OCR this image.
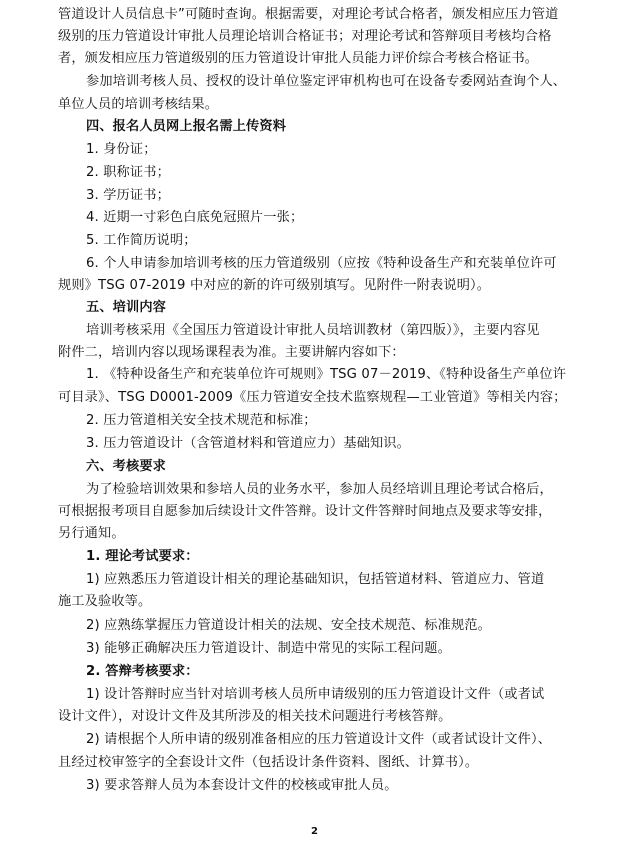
2
管道设计人员信息卡”可随时查询。根据需要，对理论考试合格者，颁发相应压力管道
级别的压力管道设计审批人员理论培训合格证书；对理论考试和答辩项目考核均合格
者，颁发相应压力管道级别的压力管道设计审批人员能力评价综合考核合格证书。
参加培训考核人员、授权的设计单位鉴定评审机构也可在设备专委网站查询个人、
单位人员的培训考核结果。
四、报名人员网上报名需上传资料
1. 身份证；
2. 职称证书；
3. 学历证书；
4. 近期一寸彩色白底免冠照片一张；
5. 工作简历说明；
6. 个人申请参加培训考核的压力管道级别（应按《特种设备生产和充装单位许可
规则》TSG 07-2019 中对应的新的许可级别填写。见附件一附表说明）。
五、培训内容
培训考核采用《全国压力管道设计审批人员培训教材（第四版）》，主要内容见
附件二，培训内容以现场课程表为准。主要讲解内容如下：
1. 《特种设备生产和充装单位许可规则》TSG 07－2019、《特种设备生产单位许
可目录》、TSG D0001-2009《压力管道安全技术监察规程—工业管道》等相关内容；
2. 压力管道相关安全技术规范和标准；
3. 压力管道设计（含管道材料和管道应力）基础知识。
六、考核要求
为了检验培训效果和参培人员的业务水平，参加人员经培训且理论考试合格后，
可根据报考项目自愿参加后续设计文件答辩。设计文件答辩时间地点及要求等安排，
另行通知。
1. 理论考试要求：
1) 应熟悉压力管道设计相关的理论基础知识，包括管道材料、管道应力、管道
施工及验收等。
2) 应熟练掌握压力管道设计相关的法规、安全技术规范、标准规范。
3) 能够正确解决压力管道设计、制造中常见的实际工程问题。
2. 答辩考核要求：
1) 设计答辩时应当针对培训考核人员所申请级别的压力管道设计文件（或者试
设计文件），对设计文件及其所涉及的相关技术问题进行考核答辩。
2) 请根据个人所申请的级别准备相应的压力管道设计文件（或者试设计文件）、
且经过校审签字的全套设计文件（包括设计条件资料、图纸、计算书）。
3) 要求答辩人员为本套设计文件的校核或审批人员。
